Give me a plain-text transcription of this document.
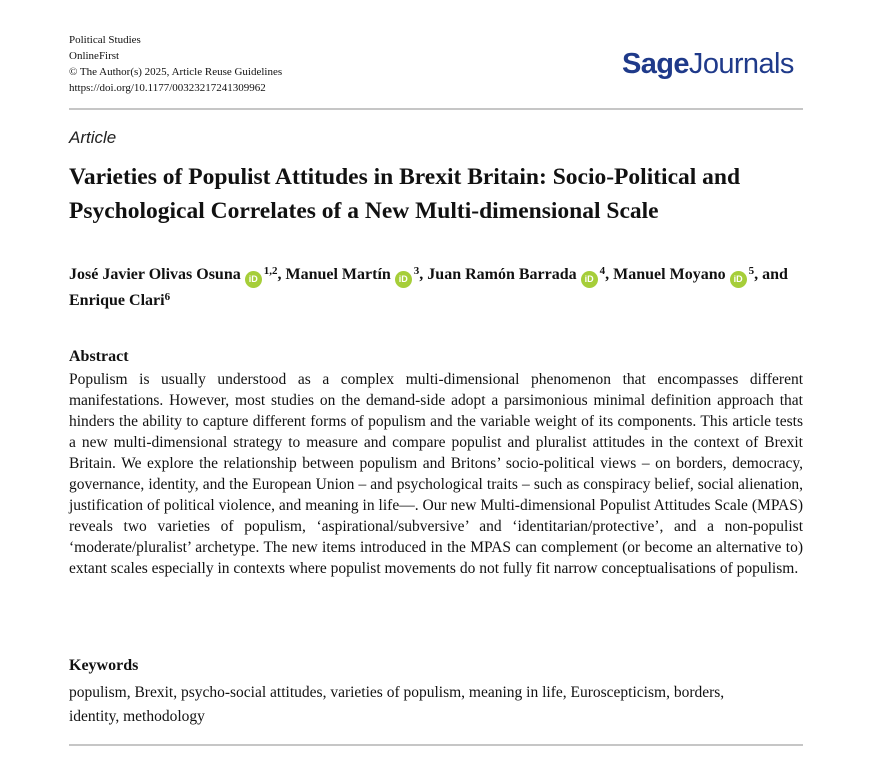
Political Studies
OnlineFirst
© The Author(s) 2025, Article Reuse Guidelines
https://doi.org/10.1177/00323217241309962
SageJournals
Article
Varieties of Populist Attitudes in Brexit Britain: Socio-Political and Psychological Correlates of a New Multi-dimensional Scale
José Javier Olivas Osuna iD$^{1,2}$, Manuel Martín $iD^3$, Juan Ramón Barrada $iD^4$, Manuel Moyano $iD^5$, and Enrique Clari$^6$
Abstract

Populism is usually understood as a complex multi-dimensional phenomenon that encompasses different manifestations. However, most studies on the demand-side adopt a parsimonious minimal definition approach that hinders the ability to capture different forms of populism and the variable weight of its components. This article tests a new multi-dimensional strategy to measure and compare populist and pluralist attitudes in the context of Brexit Britain. We explore the relationship between populism and Britons’ socio-political views – on borders, democracy, governance, identity, and the European Union – and psychological traits – such as conspiracy belief, social alienation, justification of political violence, and meaning in life—. Our new Multi-dimensional Populist Attitudes Scale (MPAS) reveals two varieties of populism, ‘aspirational/subversive’ and ‘identitarian/protective’, and a non-populist ‘moderate/pluralist’ archetype. The new items introduced in the MPAS can complement (or become an alternative to) extant scales especially in contexts where populist movements do not fully fit narrow conceptualisations of populism.

Keywords

populism, Brexit, psycho-social attitudes, varieties of populism, meaning in life, Euroscepticism, borders, identity, methodology
